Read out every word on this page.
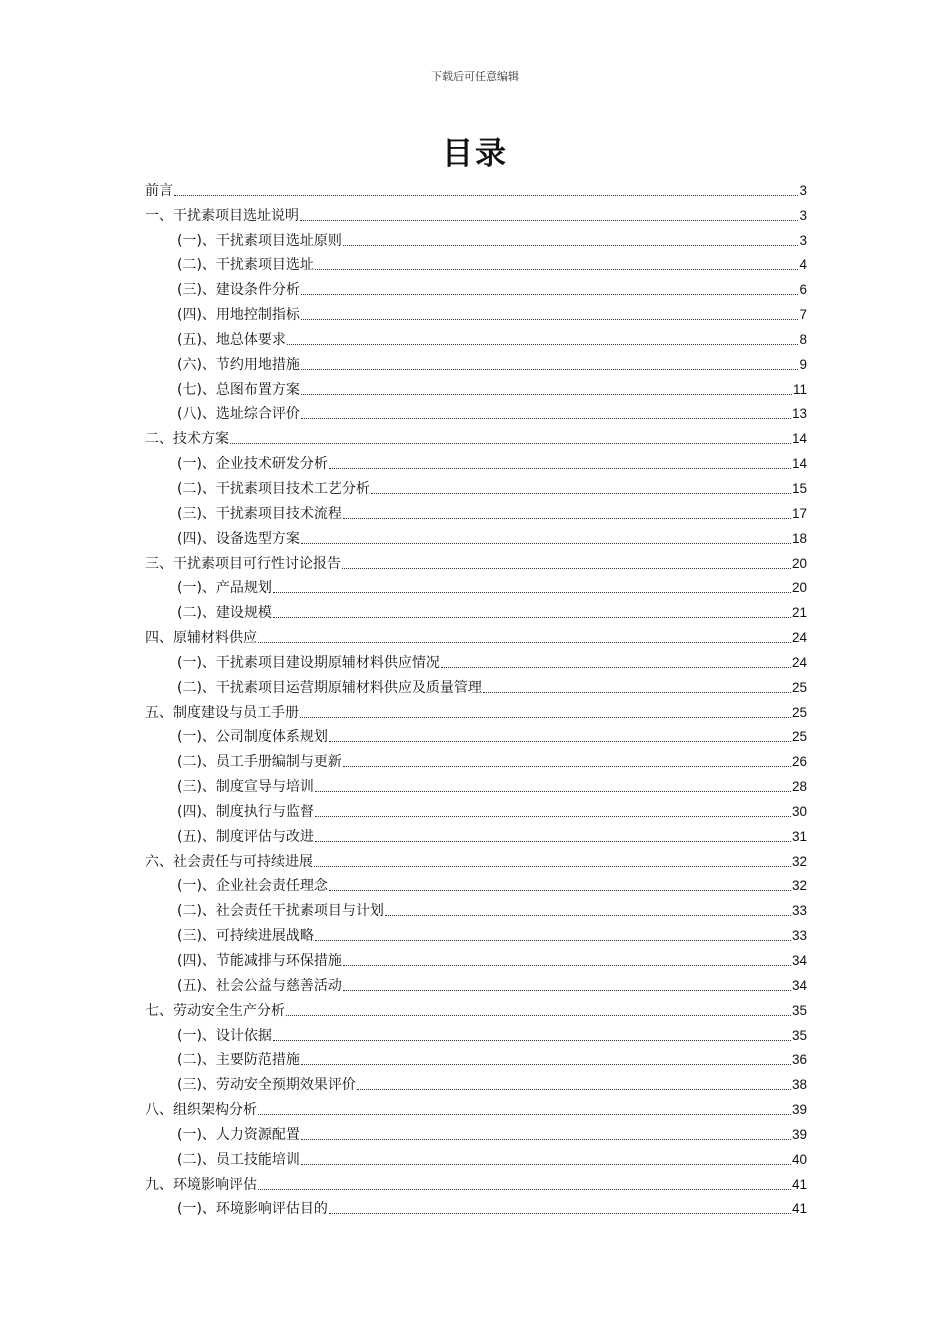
下载后可任意编辑
目录
前言	3
一、干扰素项目选址说明	3
(一)、干扰素项目选址原则	3
(二)、干扰素项目选址	4
(三)、建设条件分析	6
(四)、用地控制指标	7
(五)、地总体要求	8
(六)、节约用地措施	9
(七)、总图布置方案	11
(八)、选址综合评价	13
二、技术方案	14
(一)、企业技术研发分析	14
(二)、干扰素项目技术工艺分析	15
(三)、干扰素项目技术流程	17
(四)、设备选型方案	18
三、干扰素项目可行性讨论报告	20
(一)、产品规划	20
(二)、建设规模	21
四、原辅材料供应	24
(一)、干扰素项目建设期原辅材料供应情况	24
(二)、干扰素项目运营期原辅材料供应及质量管理	25
五、制度建设与员工手册	25
(一)、公司制度体系规划	25
(二)、员工手册编制与更新	26
(三)、制度宣导与培训	28
(四)、制度执行与监督	30
(五)、制度评估与改进	31
六、社会责任与可持续进展	32
(一)、企业社会责任理念	32
(二)、社会责任干扰素项目与计划	33
(三)、可持续进展战略	33
(四)、节能减排与环保措施	34
(五)、社会公益与慈善活动	34
七、劳动安全生产分析	35
(一)、设计依据	35
(二)、主要防范措施	36
(三)、劳动安全预期效果评价	38
八、组织架构分析	39
(一)、人力资源配置	39
(二)、员工技能培训	40
九、环境影响评估	41
(一)、环境影响评估目的	41
